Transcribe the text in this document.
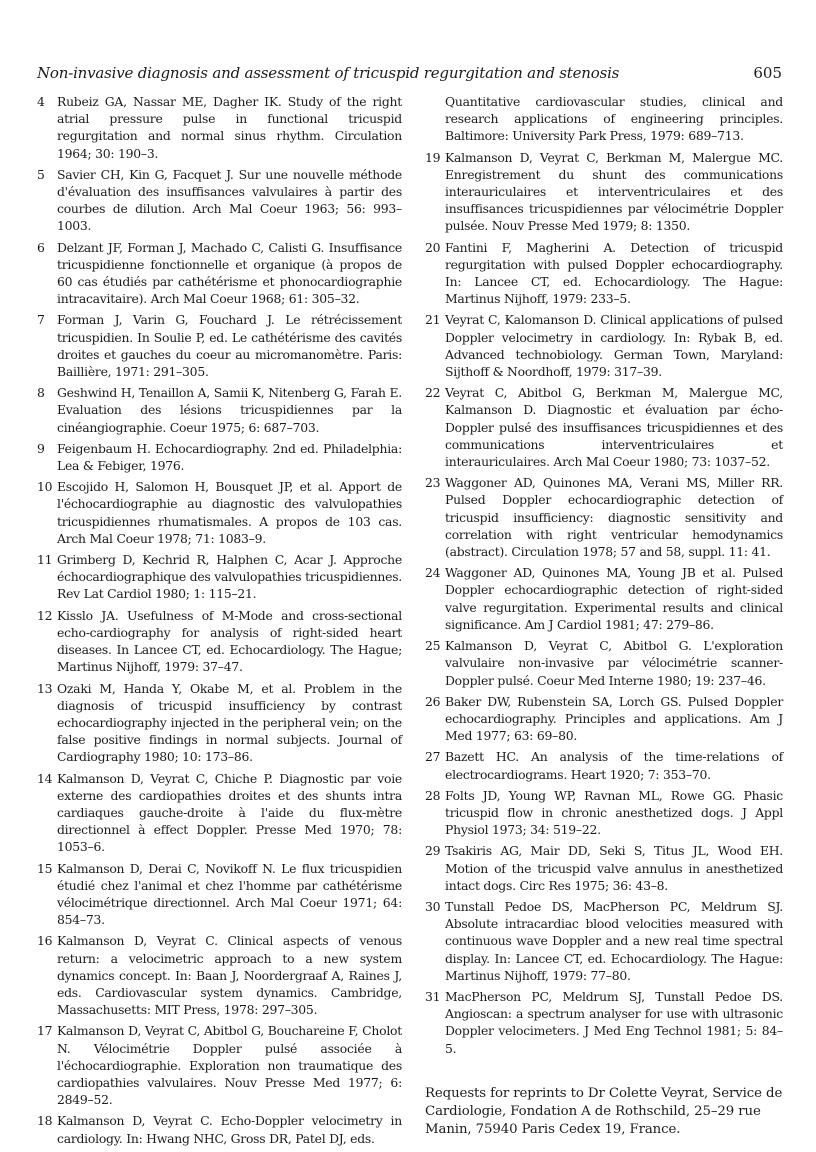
Non-invasive diagnosis and assessment of tricuspid regurgitation and stenosis	605

4 Rubeiz GA, Nassar ME, Dagher IK. Study of the right atrial pressure pulse in functional tricuspid regurgitation and normal sinus rhythm. Circulation 1964; 30: 190–3.

5 Savier CH, Kin G, Facquet J. Sur une nouvelle méthode d'évaluation des insuffisances valvulaires à partir des courbes de dilution. Arch Mal Coeur 1963; 56: 993–1003.

6 Delzant JF, Forman J, Machado C, Calisti G. Insuffisance tricuspidienne fonctionnelle et organique (à propos de 60 cas étudiés par cathétérisme et phonocardiographie intracavitaire). Arch Mal Coeur 1968; 61: 305–32.

7 Forman J, Varin G, Fouchard J. Le rétrécissement tricuspidien. In Soulie P, ed. Le cathétérisme des cavités droites et gauches du coeur au micromanomètre. Paris: Baillière, 1971: 291–305.

8 Geshwind H, Tenaillon A, Samii K, Nitenberg G, Farah E. Evaluation des lésions tricuspidiennes par la cinéangiographie. Coeur 1975; 6: 687–703.

9 Feigenbaum H. Echocardiography. 2nd ed. Philadelphia: Lea & Febiger, 1976.

10 Escojido H, Salomon H, Bousquet JP, et al. Apport de l'échocardiographie au diagnostic des valvulopathies tricuspidiennes rhumatismales. A propos de 103 cas. Arch Mal Coeur 1978; 71: 1083–9.

11 Grimberg D, Kechrid R, Halphen C, Acar J. Approche échocardiographique des valvulopathies tricuspidiennes. Rev Lat Cardiol 1980; 1: 115–21.

12 Kisslo JA. Usefulness of M-Mode and cross-sectional echo-cardiography for analysis of right-sided heart diseases. In Lancee CT, ed. Echocardiology. The Hague; Martinus Nijhoff, 1979: 37–47.

13 Ozaki M, Handa Y, Okabe M, et al. Problem in the diagnosis of tricuspid insufficiency by contrast echocardiography injected in the peripheral vein; on the false positive findings in normal subjects. Journal of Cardiography 1980; 10: 173–86.

14 Kalmanson D, Veyrat C, Chiche P. Diagnostic par voie externe des cardiopathies droites et des shunts intra cardiaques gauche-droite à l'aide du flux-mètre directionnel à effect Doppler. Presse Med 1970; 78: 1053–6.

15 Kalmanson D, Derai C, Novikoff N. Le flux tricuspidien étudié chez l'animal et chez l'homme par cathétérisme vélocimétrique directionnel. Arch Mal Coeur 1971; 64: 854–73.

16 Kalmanson D, Veyrat C. Clinical aspects of venous return: a velocimetric approach to a new system dynamics concept. In: Baan J, Noordergraaf A, Raines J, eds. Cardiovascular system dynamics. Cambridge, Massachusetts: MIT Press, 1978: 297–305.

17 Kalmanson D, Veyrat C, Abitbol G, Bouchareine F, Cholot N. Vélocimétrie Doppler pulsé associée à l'échocardiographie. Exploration non traumatique des cardiopathies valvulaires. Nouv Presse Med 1977; 6: 2849–52.

18 Kalmanson D, Veyrat C. Echo-Doppler velocimetry in cardiology. In: Hwang NHC, Gross DR, Patel DJ, eds.

Quantitative cardiovascular studies, clinical and research applications of engineering principles. Baltimore: University Park Press, 1979: 689–713.

19 Kalmanson D, Veyrat C, Berkman M, Malergue MC. Enregistrement du shunt des communications interauriculaires et interventriculaires et des insuffisances tricuspidiennes par vélocimétrie Doppler pulsée. Nouv Presse Med 1979; 8: 1350.

20 Fantini F, Magherini A. Detection of tricuspid regurgitation with pulsed Doppler echocardiography. In: Lancee CT, ed. Echocardiology. The Hague: Martinus Nijhoff, 1979: 233–5.

21 Veyrat C, Kalomanson D. Clinical applications of pulsed Doppler velocimetry in cardiology. In: Rybak B, ed. Advanced technobiology. German Town, Maryland: Sijthoff & Noordhoff, 1979: 317–39.

22 Veyrat C, Abitbol G, Berkman M, Malergue MC, Kalmanson D. Diagnostic et évaluation par écho-Doppler pulsé des insuffisances tricuspidiennes et des communications interventriculaires et interauriculaires. Arch Mal Coeur 1980; 73: 1037–52.

23 Waggoner AD, Quinones MA, Verani MS, Miller RR. Pulsed Doppler echocardiographic detection of tricuspid insufficiency: diagnostic sensitivity and correlation with right ventricular hemodynamics (abstract). Circulation 1978; 57 and 58, suppl. 11: 41.

24 Waggoner AD, Quinones MA, Young JB et al. Pulsed Doppler echocardiographic detection of right-sided valve regurgitation. Experimental results and clinical significance. Am J Cardiol 1981; 47: 279–86.

25 Kalmanson D, Veyrat C, Abitbol G. L'exploration valvulaire non-invasive par vélocimétrie scanner-Doppler pulsé. Coeur Med Interne 1980; 19: 237–46.

26 Baker DW, Rubenstein SA, Lorch GS. Pulsed Doppler echocardiography. Principles and applications. Am J Med 1977; 63: 69–80.

27 Bazett HC. An analysis of the time-relations of electrocardiograms. Heart 1920; 7: 353–70.

28 Folts JD, Young WP, Ravnan ML, Rowe GG. Phasic tricuspid flow in chronic anesthetized dogs. J Appl Physiol 1973; 34: 519–22.

29 Tsakiris AG, Mair DD, Seki S, Titus JL, Wood EH. Motion of the tricuspid valve annulus in anesthetized intact dogs. Circ Res 1975; 36: 43–8.

30 Tunstall Pedoe DS, MacPherson PC, Meldrum SJ. Absolute intracardiac blood velocities measured with continuous wave Doppler and a new real time spectral display. In: Lancee CT, ed. Echocardiology. The Hague: Martinus Nijhoff, 1979: 77–80.

31 MacPherson PC, Meldrum SJ, Tunstall Pedoe DS. Angioscan: a spectrum analyser for use with ultrasonic Doppler velocimeters. J Med Eng Technol 1981; 5: 84–5.

Requests for reprints to Dr Colette Veyrat, Service de Cardiologie, Fondation A de Rothschild, 25–29 rue Manin, 75940 Paris Cedex 19, France.
